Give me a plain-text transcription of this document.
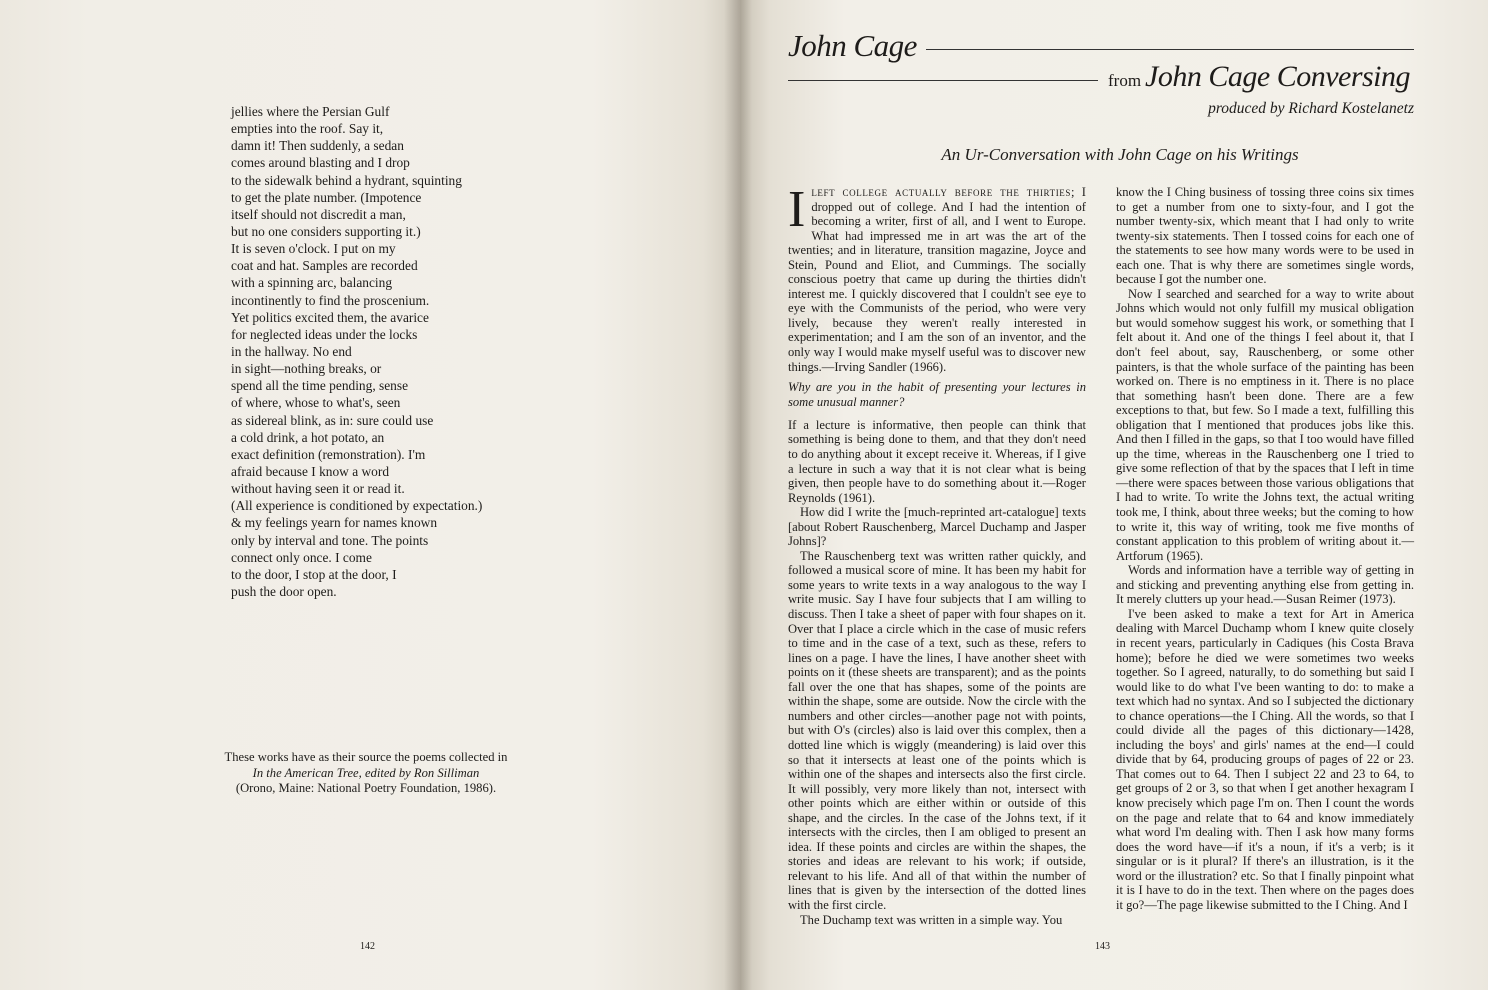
jellies where the Persian Gulf
empties into the roof. Say it,
damn it! Then suddenly, a sedan
comes around blasting and I drop
to the sidewalk behind a hydrant, squinting
to get the plate number. (Impotence
itself should not discredit a man,
but no one considers supporting it.)
It is seven o'clock. I put on my
coat and hat. Samples are recorded
with a spinning arc, balancing
incontinently to find the proscenium.
Yet politics excited them, the avarice
for neglected ideas under the locks
in the hallway. No end
in sight—nothing breaks, or
spend all the time pending, sense
of where, whose to what's, seen
as sidereal blink, as in: sure could use
a cold drink, a hot potato, an
exact definition (remonstration). I'm
afraid because I know a word
without having seen it or read it.
(All experience is conditioned by expectation.)
& my feelings yearn for names known
only by interval and tone. The points
connect only once. I come
to the door, I stop at the door, I
push the door open.
These works have as their source the poems collected in
In the American Tree, edited by Ron Silliman
(Orono, Maine: National Poetry Foundation, 1986).
142
John Cage
from John Cage Conversing
produced by Richard Kostelanetz
An Ur-Conversation with John Cage on his Writings

Ileft college actually before the thirties; I dropped out of college. And I had the intention of becoming a writer, first of all, and I went to Europe. What had impressed me in art was the art of the twenties; and in literature, transition magazine, Joyce and Stein, Pound and Eliot, and Cummings. The socially conscious poetry that came up during the thirties didn't interest me. I quickly discovered that I couldn't see eye to eye with the Communists of the period, who were very lively, because they weren't really interested in experimentation; and I am the son of an inventor, and the only way I would make myself useful was to discover new things.—Irving Sandler (1966).

Why are you in the habit of presenting your lectures in some unusual manner?

If a lecture is informative, then people can think that something is being done to them, and that they don't need to do anything about it except receive it. Whereas, if I give a lecture in such a way that it is not clear what is being given, then people have to do something about it.—Roger Reynolds (1961).

How did I write the [much-reprinted art-catalogue] texts [about Robert Rauschenberg, Marcel Duchamp and Jasper Johns]?

The Rauschenberg text was written rather quickly, and followed a musical score of mine. It has been my habit for some years to write texts in a way analogous to the way I write music. Say I have four subjects that I am willing to discuss. Then I take a sheet of paper with four shapes on it. Over that I place a circle which in the case of music refers to time and in the case of a text, such as these, refers to lines on a page. I have the lines, I have another sheet with points on it (these sheets are transparent); and as the points fall over the one that has shapes, some of the points are within the shape, some are outside. Now the circle with the numbers and other circles—another page not with points, but with O's (circles) also is laid over this complex, then a dotted line which is wiggly (meandering) is laid over this so that it intersects at least one of the points which is within one of the shapes and intersects also the first circle. It will possibly, very more likely than not, intersect with other points which are either within or outside of this shape, and the circles. In the case of the Johns text, if it intersects with the circles, then I am obliged to present an idea. If these points and circles are within the shapes, the stories and ideas are relevant to his work; if outside, relevant to his life. And all of that within the number of lines that is given by the intersection of the dotted lines with the first circle.

The Duchamp text was written in a simple way. You

know the I Ching business of tossing three coins six times to get a number from one to sixty-four, and I got the number twenty-six, which meant that I had only to write twenty-six statements. Then I tossed coins for each one of the statements to see how many words were to be used in each one. That is why there are sometimes single words, because I got the number one.

Now I searched and searched for a way to write about Johns which would not only fulfill my musical obligation but would somehow suggest his work, or something that I felt about it. And one of the things I feel about it, that I don't feel about, say, Rauschenberg, or some other painters, is that the whole surface of the painting has been worked on. There is no emptiness in it. There is no place that something hasn't been done. There are a few exceptions to that, but few. So I made a text, fulfilling this obligation that I mentioned that produces jobs like this. And then I filled in the gaps, so that I too would have filled up the time, whereas in the Rauschenberg one I tried to give some reflection of that by the spaces that I left in time—there were spaces between those various obligations that I had to write. To write the Johns text, the actual writing took me, I think, about three weeks; but the coming to how to write it, this way of writing, took me five months of constant application to this problem of writing about it.—Artforum (1965).

Words and information have a terrible way of getting in and sticking and preventing anything else from getting in. It merely clutters up your head.—Susan Reimer (1973).

I've been asked to make a text for Art in America dealing with Marcel Duchamp whom I knew quite closely in recent years, particularly in Cadiques (his Costa Brava home); before he died we were sometimes two weeks together. So I agreed, naturally, to do something but said I would like to do what I've been wanting to do: to make a text which had no syntax. And so I subjected the dictionary to chance operations—the I Ching. All the words, so that I could divide all the pages of this dictionary—1428, including the boys' and girls' names at the end—I could divide that by 64, producing groups of pages of 22 or 23. That comes out to 64. Then I subject 22 and 23 to 64, to get groups of 2 or 3, so that when I get another hexagram I know precisely which page I'm on. Then I count the words on the page and relate that to 64 and know immediately what word I'm dealing with. Then I ask how many forms does the word have—if it's a noun, if it's a verb; is it singular or is it plural? If there's an illustration, is it the word or the illustration? etc. So that I finally pinpoint what it is I have to do in the text. Then where on the pages does it go?—The page likewise submitted to the I Ching. And I

143
